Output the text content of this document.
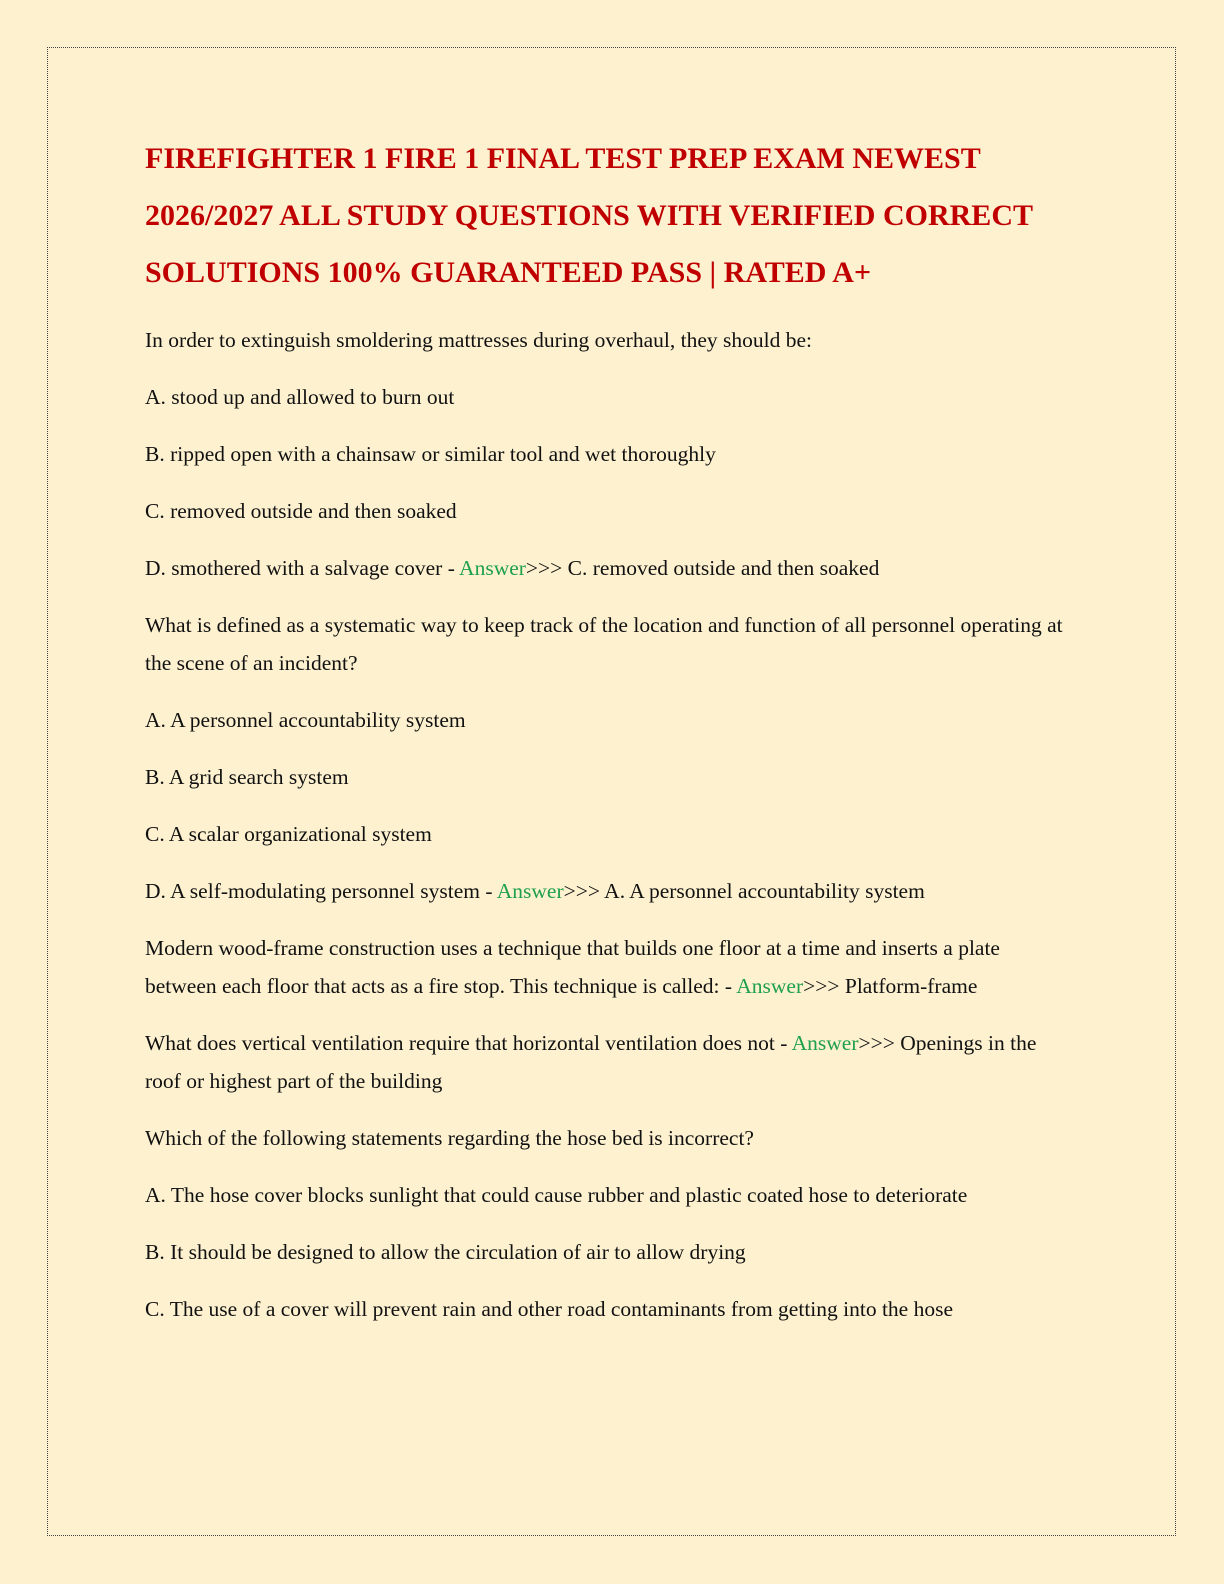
FIREFIGHTER 1 FIRE 1 FINAL TEST PREP EXAM NEWEST 2026/2027 ALL STUDY QUESTIONS WITH VERIFIED CORRECT SOLUTIONS 100% GUARANTEED PASS | RATED A+

In order to extinguish smoldering mattresses during overhaul, they should be:

A. stood up and allowed to burn out

B. ripped open with a chainsaw or similar tool and wet thoroughly

C. removed outside and then soaked

D. smothered with a salvage cover - Answer>>> C. removed outside and then soaked

What is defined as a systematic way to keep track of the location and function of all personnel operating at the scene of an incident?

A. A personnel accountability system

B. A grid search system

C. A scalar organizational system

D. A self-modulating personnel system - Answer>>> A. A personnel accountability system

Modern wood-frame construction uses a technique that builds one floor at a time and inserts a plate between each floor that acts as a fire stop. This technique is called: - Answer>>> Platform-frame

What does vertical ventilation require that horizontal ventilation does not - Answer>>> Openings in the roof or highest part of the building

Which of the following statements regarding the hose bed is incorrect?

A. The hose cover blocks sunlight that could cause rubber and plastic coated hose to deteriorate

B. It should be designed to allow the circulation of air to allow drying

C. The use of a cover will prevent rain and other road contaminants from getting into the hose
